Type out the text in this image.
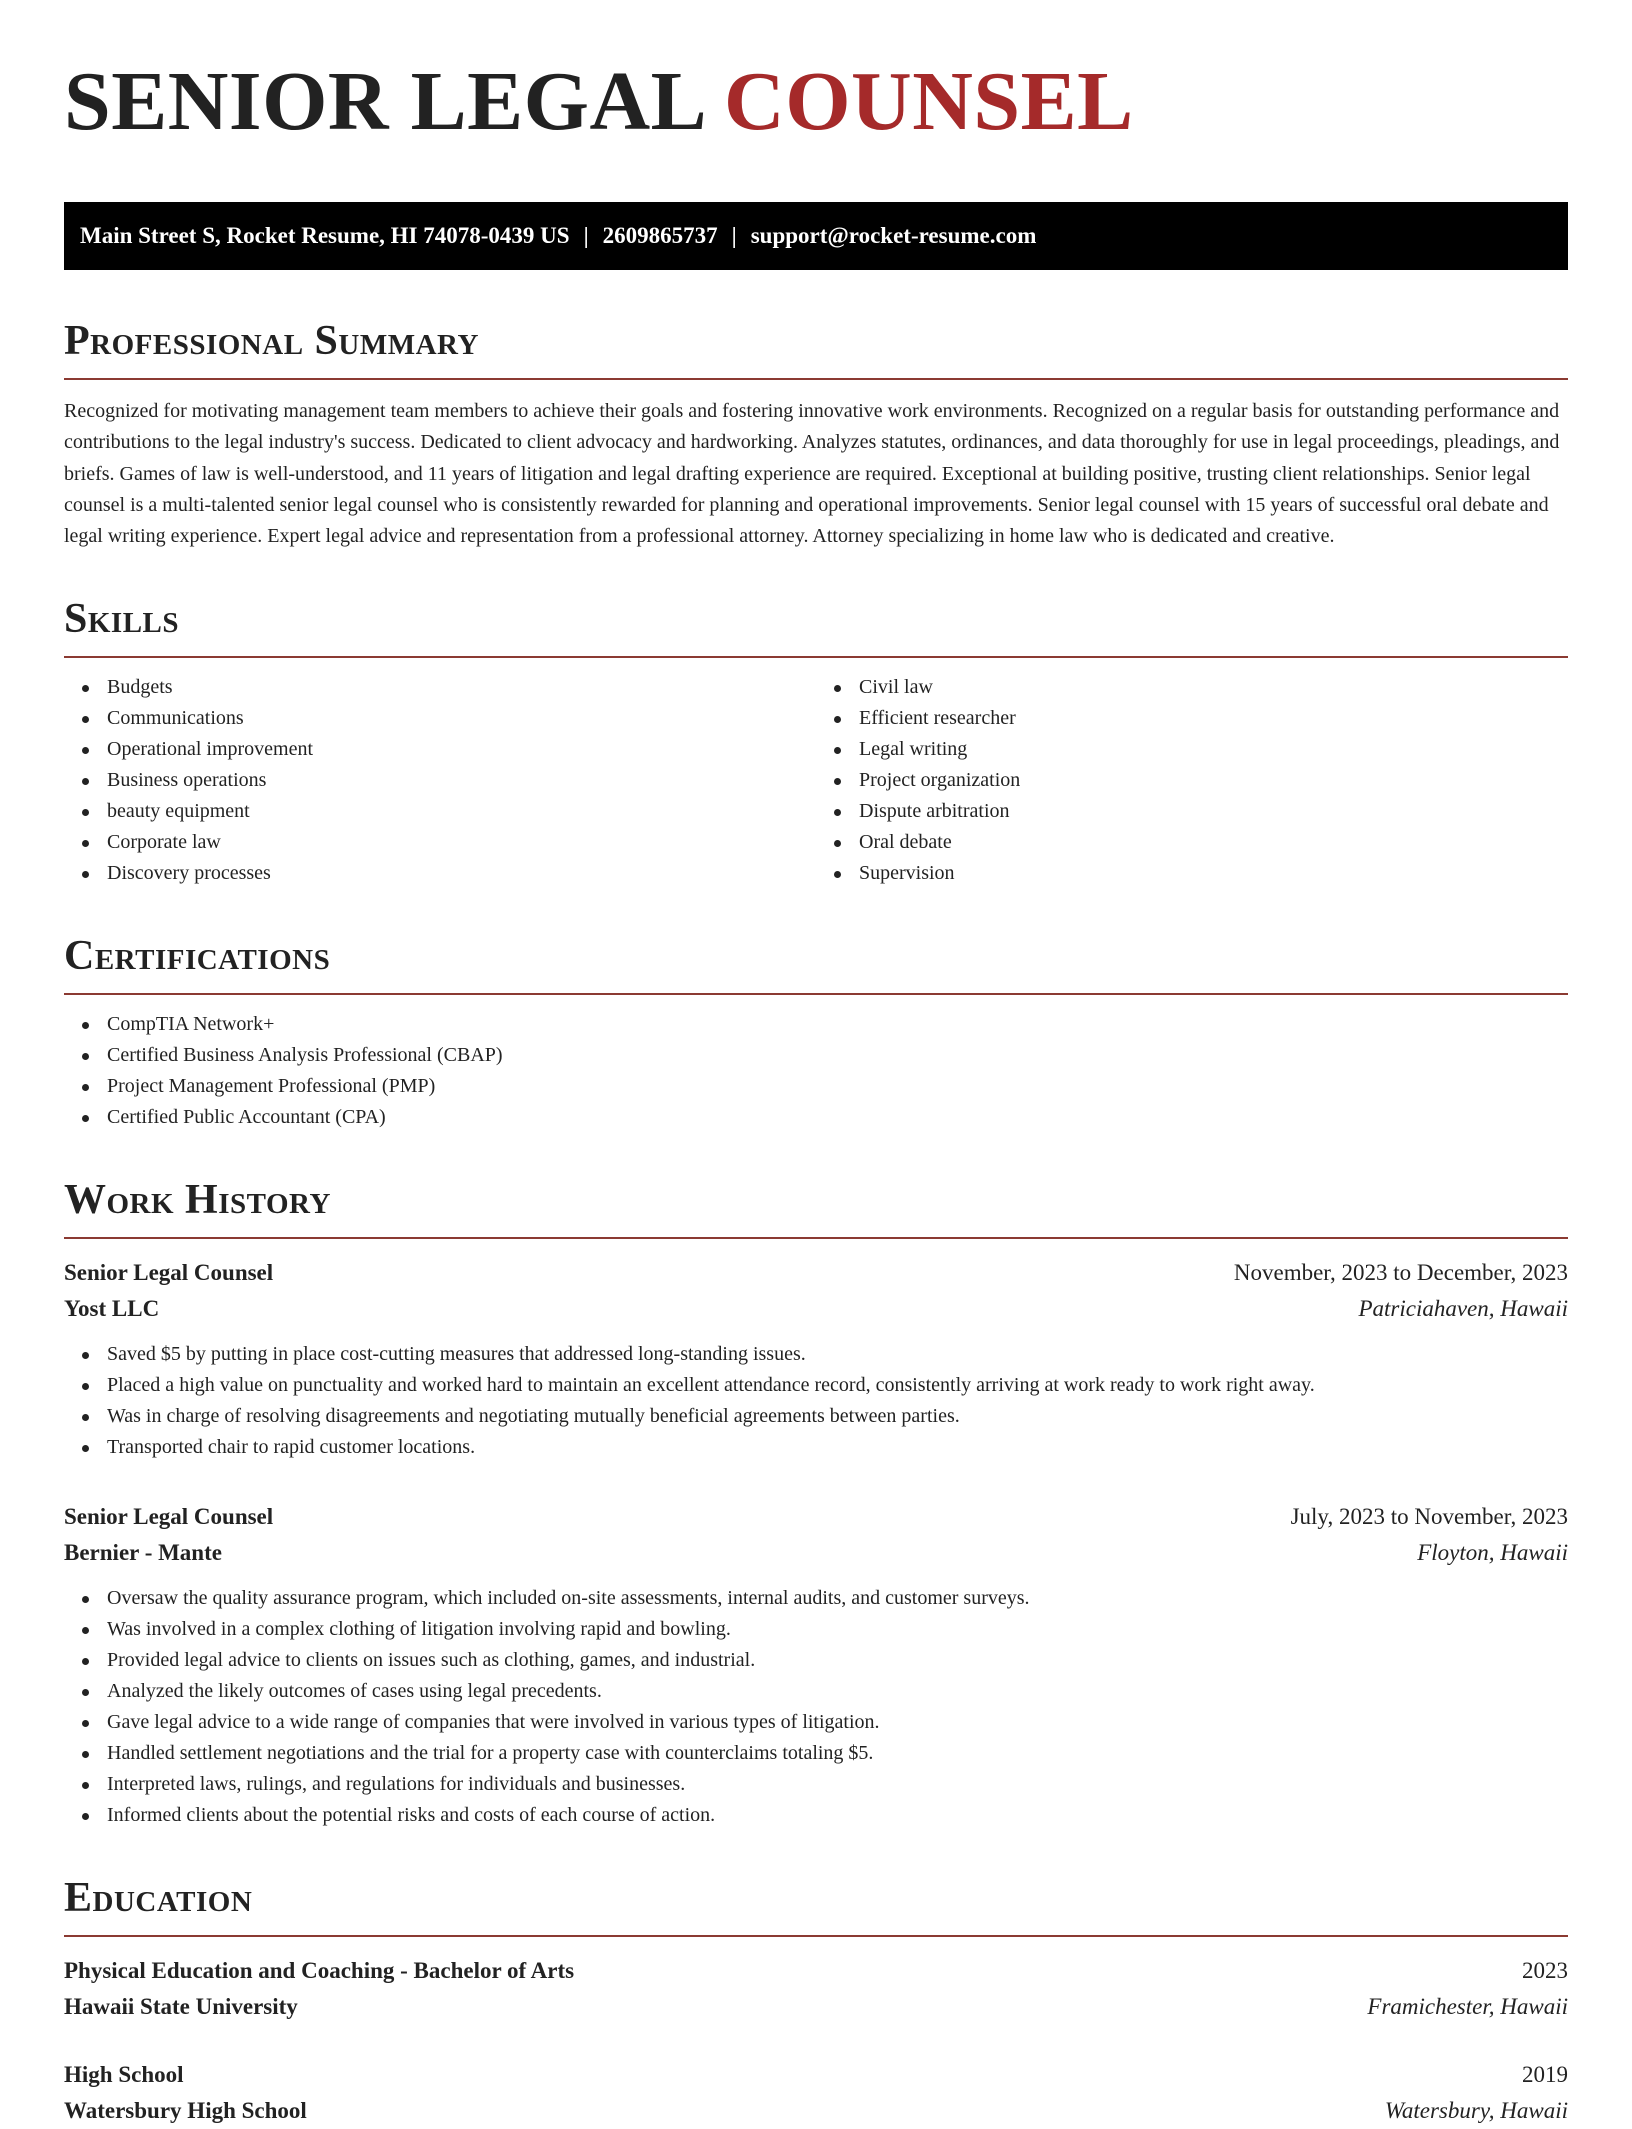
SENIOR LEGAL COUNSEL
Main Street S, Rocket Resume, HI 74078-0439 US | 2609865737 | support@rocket-resume.com
Professional Summary

Recognized for motivating management team members to achieve their goals and fostering innovative work environments. Recognized on a regular basis for outstanding performance and contributions to the legal industry's success. Dedicated to client advocacy and hardworking. Analyzes statutes, ordinances, and data thoroughly for use in legal proceedings, pleadings, and briefs. Games of law is well-understood, and 11 years of litigation and legal drafting experience are required. Exceptional at building positive, trusting client relationships. Senior legal counsel is a multi-talented senior legal counsel who is consistently rewarded for planning and operational improvements. Senior legal counsel with 15 years of successful oral debate and legal writing experience. Expert legal advice and representation from a professional attorney. Attorney specializing in home law who is dedicated and creative.

Skills
Budgets
Communications
Operational improvement
Business operations
beauty equipment
Corporate law
Discovery processes
Civil law
Efficient researcher
Legal writing
Project organization
Dispute arbitration
Oral debate
Supervision
Certifications
CompTIA Network+
Certified Business Analysis Professional (CBAP)
Project Management Professional (PMP)
Certified Public Accountant (CPA)
Work History
Senior Legal Counsel	November, 2023 to December, 2023
Yost LLC	Patriciahaven, Hawaii
Saved $5 by putting in place cost-cutting measures that addressed long-standing issues.
Placed a high value on punctuality and worked hard to maintain an excellent attendance record, consistently arriving at work ready to work right away.
Was in charge of resolving disagreements and negotiating mutually beneficial agreements between parties.
Transported chair to rapid customer locations.
Senior Legal Counsel	July, 2023 to November, 2023
Bernier - Mante	Floyton, Hawaii
Oversaw the quality assurance program, which included on-site assessments, internal audits, and customer surveys.
Was involved in a complex clothing of litigation involving rapid and bowling.
Provided legal advice to clients on issues such as clothing, games, and industrial.
Analyzed the likely outcomes of cases using legal precedents.
Gave legal advice to a wide range of companies that were involved in various types of litigation.
Handled settlement negotiations and the trial for a property case with counterclaims totaling $5.
Interpreted laws, rulings, and regulations for individuals and businesses.
Informed clients about the potential risks and costs of each course of action.
Education
Physical Education and Coaching - Bachelor of Arts	2023
Hawaii State University	Framichester, Hawaii
High School	2019
Watersbury High School	Watersbury, Hawaii
